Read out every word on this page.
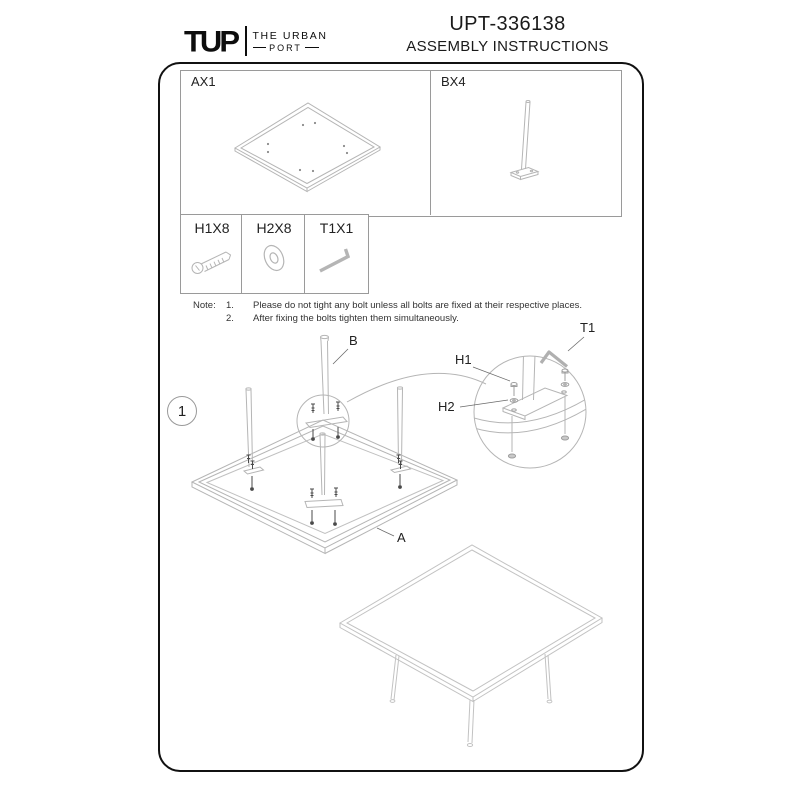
TUP	THE URBAN
PORT
UPT-336138
ASSEMBLY INSTRUCTIONS
AX1	BX4
H1X8	H2X8	T1X1
Note: 1. Please do not tight any bolt unless all bolts are fixed at their respective places.
2. After fixing the bolts tighten them simultaneously.
1
B
A
H1
H2
T1
